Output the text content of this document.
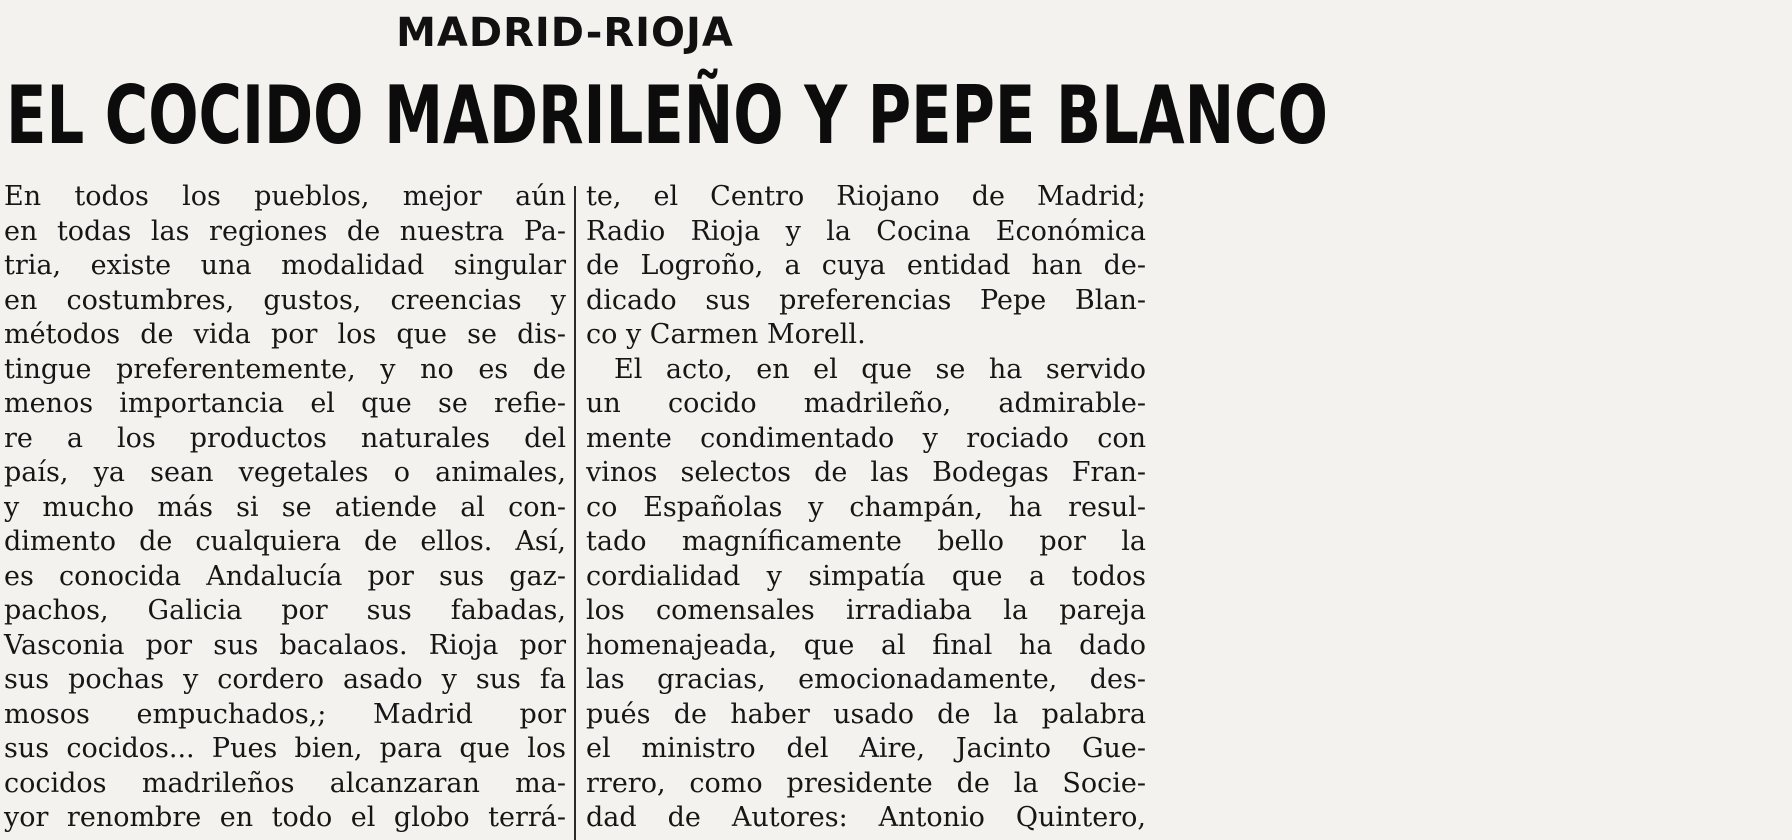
MADRID-RIOJA
EL COCIDO MADRILEÑO Y PEPE BLANCO
En todos los pueblos, mejor aún
en todas las regiones de nuestra Pa-
tria, existe una modalidad singular
en costumbres, gustos, creencias y
métodos de vida por los que se dis-
tingue preferentemente, y no es de
menos importancia el que se refie-
re a los productos naturales del
país, ya sean vegetales o animales,
y mucho más si se atiende al con-
dimento de cualquiera de ellos. Así,
es conocida Andalucía por sus gaz-
pachos, Galicia por sus fabadas,
Vasconia por sus bacalaos. Rioja por
sus pochas y cordero asado y sus fa
mosos empuchados,; Madrid por
sus cocidos... Pues bien, para que los
cocidos madrileños alcanzaran ma-
yor renombre en todo el globo terrá-
te, el Centro Riojano de Madrid;
Radio Rioja y la Cocina Económica
de Logroño, a cuya entidad han de-
dicado sus preferencias Pepe Blan-
co y Carmen Morell.
El acto, en el que se ha servido
un cocido madrileño, admirable-
mente condimentado y rociado con
vinos selectos de las Bodegas Fran-
co Españolas y champán, ha resul-
tado magníficamente bello por la
cordialidad y simpatía que a todos
los comensales irradiaba la pareja
homenajeada, que al final ha dado
las gracias, emocionadamente, des-
pués de haber usado de la palabra
el ministro del Aire, Jacinto Gue-
rrero, como presidente de la Socie-
dad de Autores: Antonio Quintero,
